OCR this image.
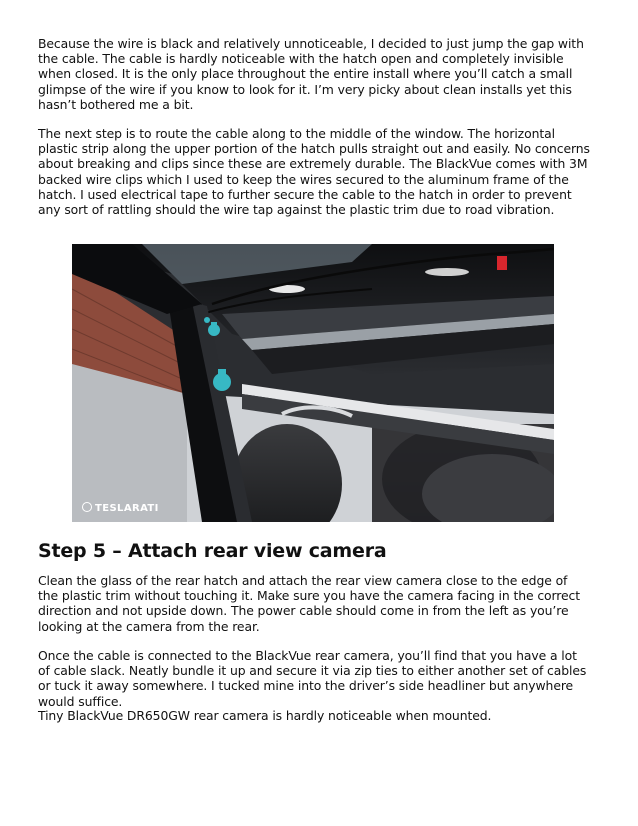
Because the wire is black and relatively unnoticeable, I decided to just jump the gap with
the cable. The cable is hardly noticeable with the hatch open and completely invisible
when closed. It is the only place throughout the entire install where you’ll catch a small
glimpse of the wire if you know to look for it. I’m very picky about clean installs yet this
hasn’t bothered me a bit.

The next step is to route the cable along to the middle of the window. The horizontal
plastic strip along the upper portion of the hatch pulls straight out and easily. No concerns
about breaking and clips since these are extremely durable. The BlackVue comes with 3M
backed wire clips which I used to keep the wires secured to the aluminum frame of the
hatch. I used electrical tape to further secure the cable to the hatch in order to prevent
any sort of rattling should the wire tap against the plastic trim due to road vibration.

TESLARATI
Step 5 – Attach rear view camera

Clean the glass of the rear hatch and attach the rear view camera close to the edge of
the plastic trim without touching it. Make sure you have the camera facing in the correct
direction and not upside down. The power cable should come in from the left as you’re
looking at the camera from the rear.

Once the cable is connected to the BlackVue rear camera, you’ll find that you have a lot
of cable slack. Neatly bundle it up and secure it via zip ties to either another set of cables
or tuck it away somewhere. I tucked mine into the driver’s side headliner but anywhere
would suffice.

Tiny BlackVue DR650GW rear camera is hardly noticeable when mounted.
